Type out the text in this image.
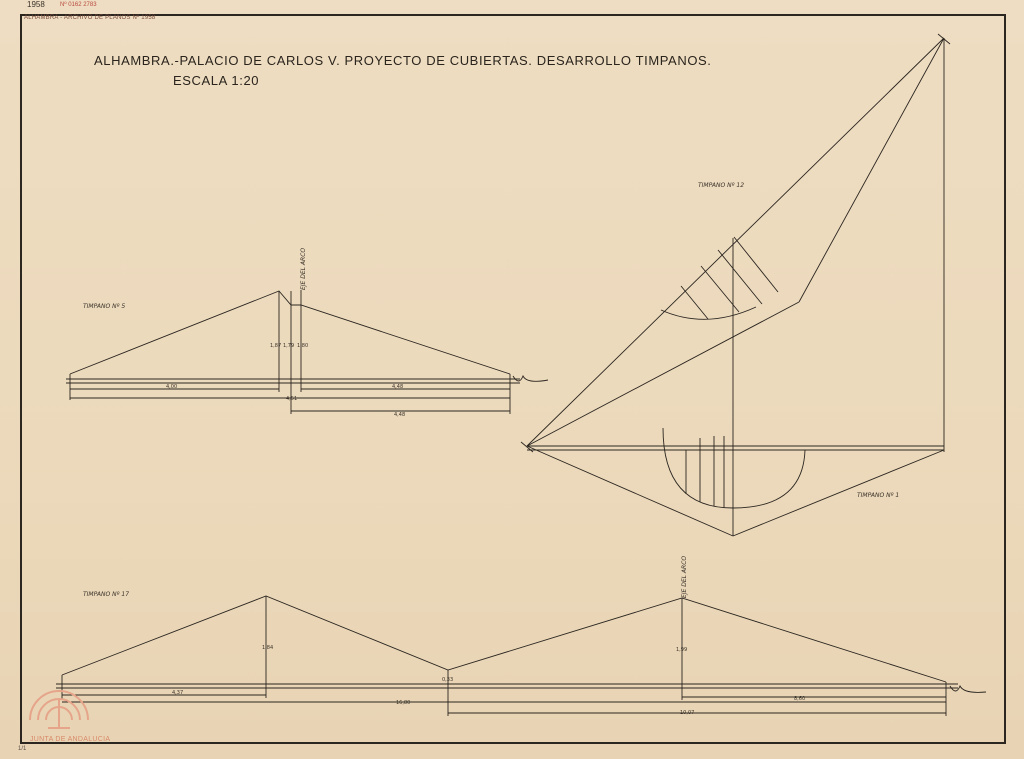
1958	Nº 0162 2783
ALHAMBRA - ARCHIVO DE PLANOS Nº 1958
ALHAMBRA.-PALACIO DE CARLOS V. PROYECTO DE CUBIERTAS. DESARROLLO TIMPANOS.
ESCALA 1:20
TIMPANO Nº 5
EJE DEL ARCO
1,87 1,79 1,80
4,00	4,48
4,51
4,48
TIMPANO Nº 12
TIMPANO Nº 1
TIMPANO Nº 17	EJE DEL ARCO
1,84
0,33
1,99
4,37
8,60
16,80
10,07
JUNTA DE ANDALUCIA
1/1
